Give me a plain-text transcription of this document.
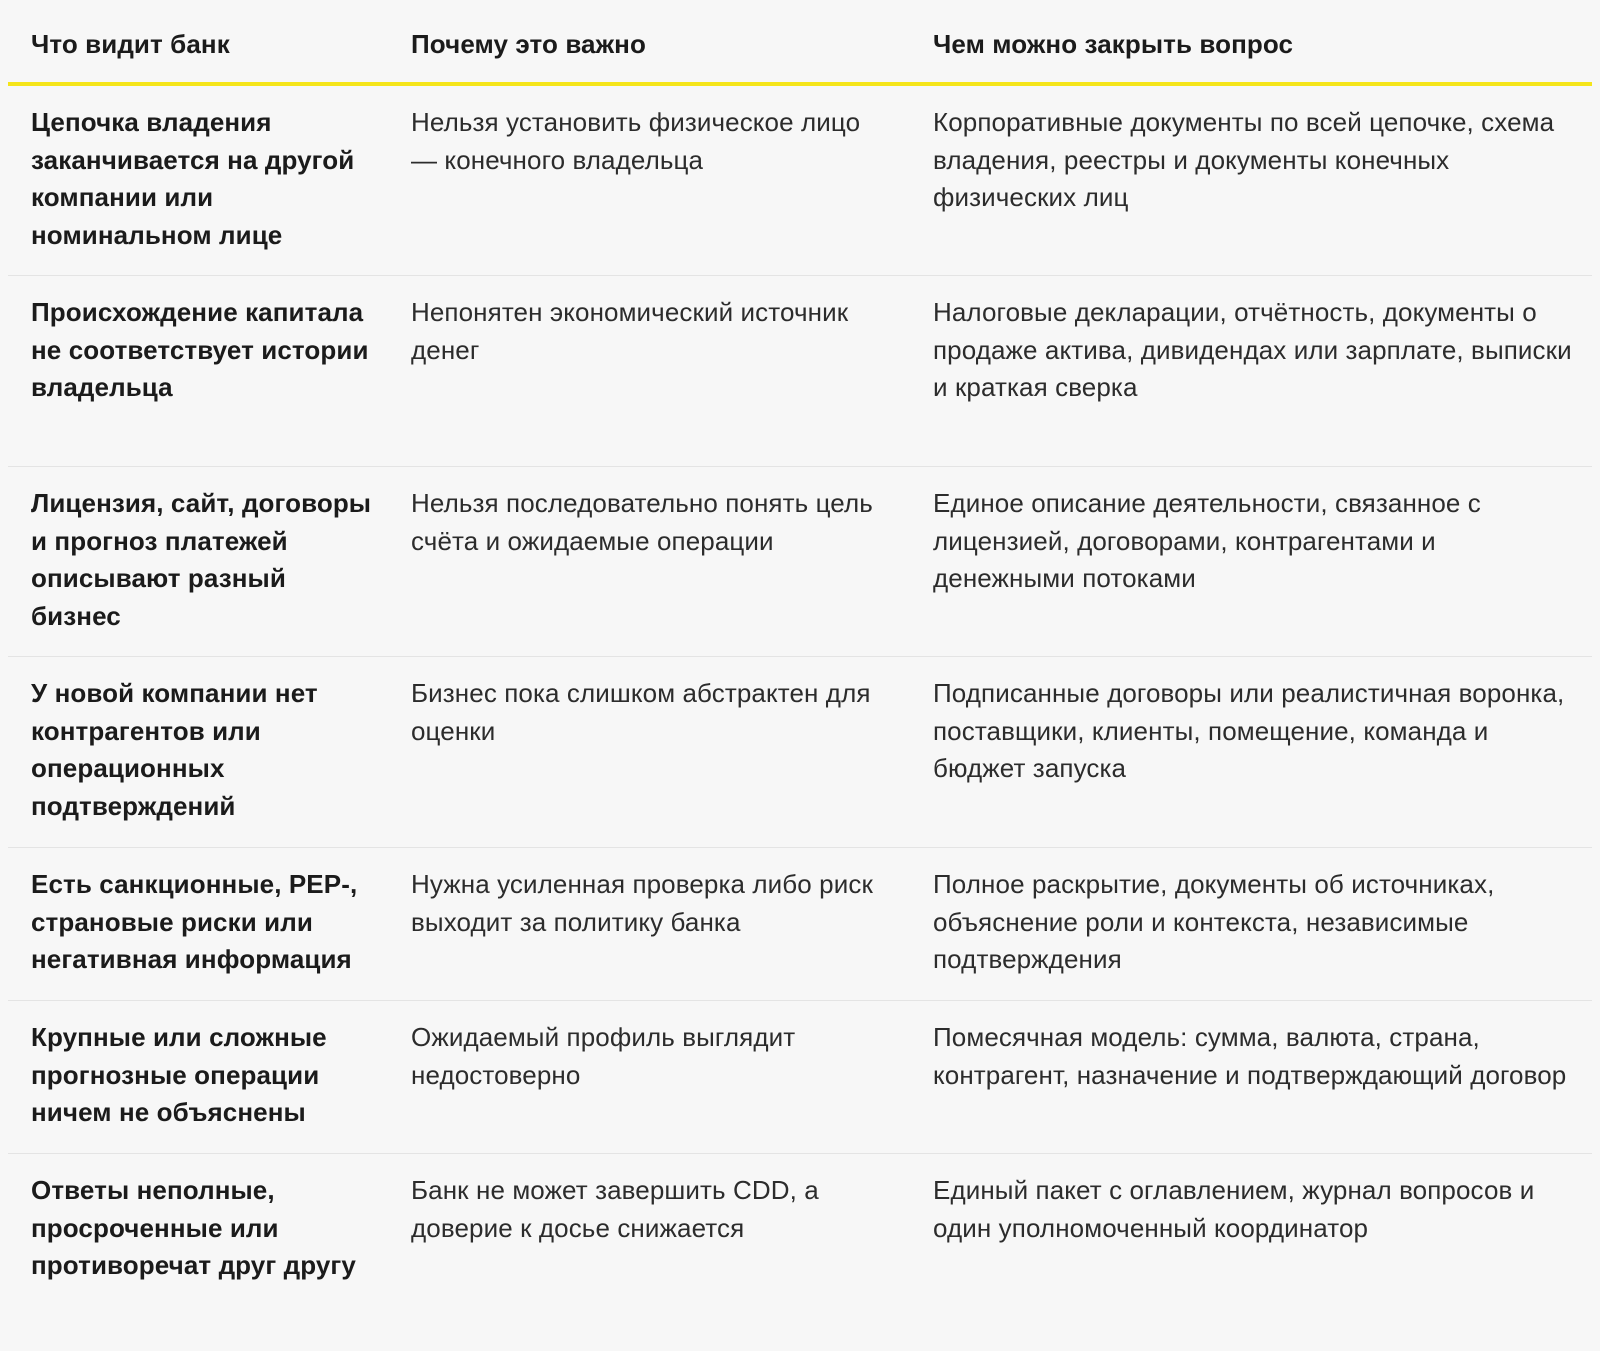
Что видит банк	Почему это важно	Чем можно закрыть вопрос
Цепочка владения заканчивается на другой компании или номинальном лице
Нельзя установить физическое лицо — конечного владельца
Корпоративные документы по всей цепочке, схема владения, реестры и документы конечных физических лиц
Происхождение капитала не соответствует истории владельца
Непонятен экономический источник денег
Налоговые декларации, отчётность, документы о продаже актива, дивидендах или зарплате, выписки и краткая сверка
Лицензия, сайт, договоры и прогноз платежей описывают разный бизнес
Нельзя последовательно понять цель счёта и ожидаемые операции
Единое описание деятельности, связанное с лицензией, договорами, контрагентами и денежными потоками
У новой компании нет контрагентов или операционных подтверждений
Бизнес пока слишком абстрактен для оценки
Подписанные договоры или реалистичная воронка, поставщики, клиенты, помещение, команда и бюджет запуска
Есть санкционные, PEP-, страновые риски или негативная информация
Нужна усиленная проверка либо риск выходит за политику банка
Полное раскрытие, документы об источниках, объяснение роли и контекста, независимые подтверждения
Крупные или сложные прогнозные операции ничем не объяснены
Ожидаемый профиль выглядит недостоверно
Помесячная модель: сумма, валюта, страна, контрагент, назначение и подтверждающий договор
Ответы неполные, просроченные или противоречат друг другу
Банк не может завершить CDD, а доверие к досье снижается
Единый пакет с оглавлением, журнал вопросов и один уполномоченный координатор
